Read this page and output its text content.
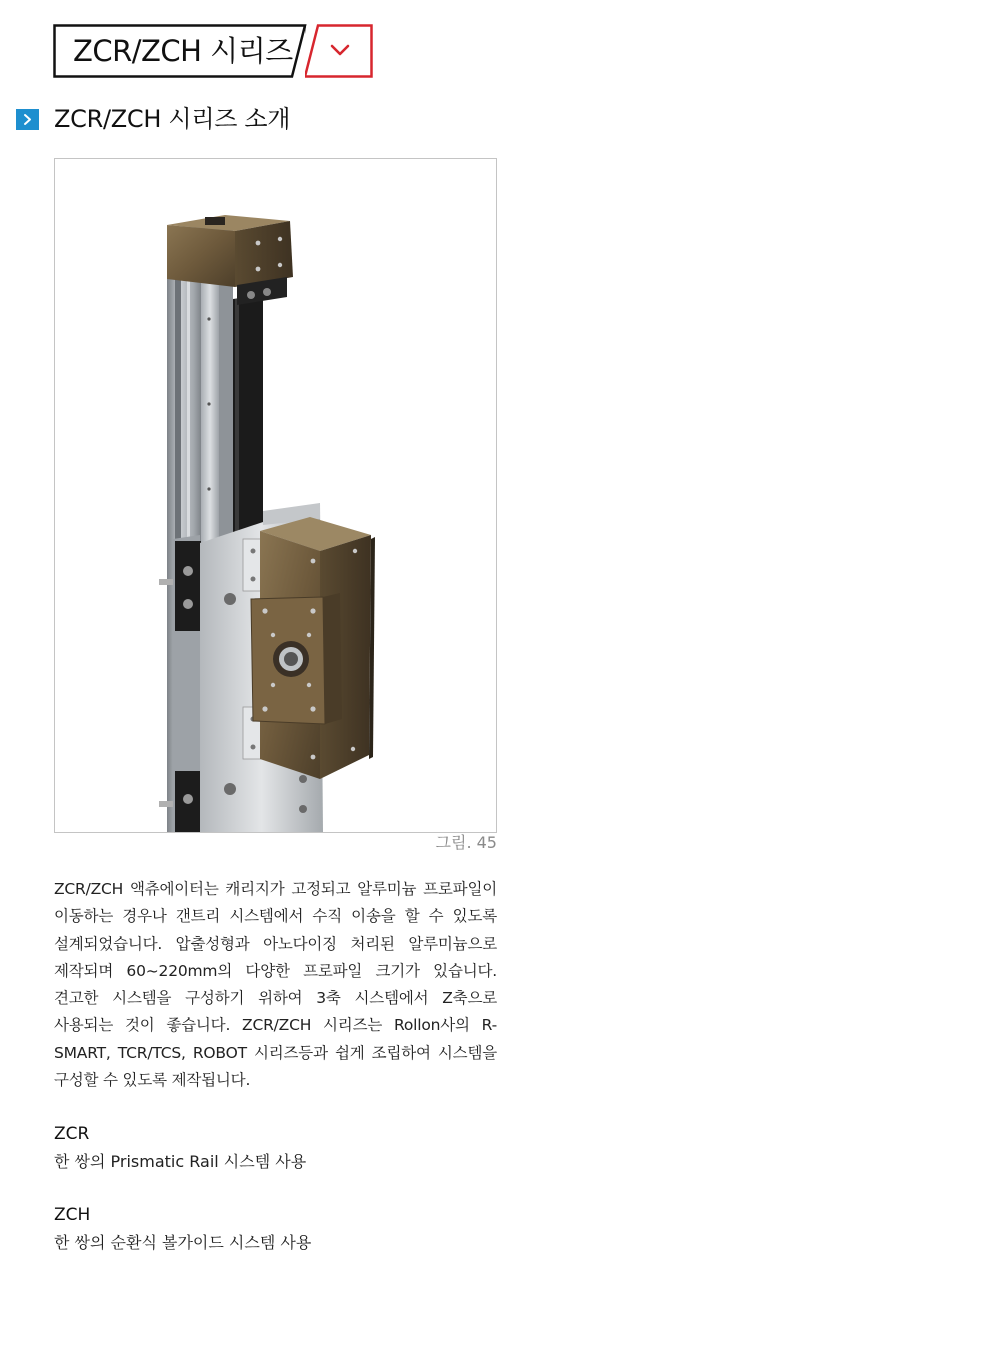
ZCR/ZCH 시리즈
ZCR/ZCH 시리즈 소개
그림. 45
ZCR/ZCH 액츄에이터는 캐리지가 고정되고 알루미늄 프로파일이 이동하는 경우나 갠트리 시스템에서 수직 이송을 할 수 있도록 설계되었습니다. 압출성형과 아노다이징 처리된 알루미늄으로 제작되며 60~220mm의 다양한 프로파일 크기가 있습니다. 견고한 시스템을 구성하기 위하여 3축 시스템에서 Z축으로 사용되는 것이 좋습니다. ZCR/ZCH 시리즈는 Rollon사의 R-SMART, TCR/TCS, ROBOT 시리즈등과 쉽게 조립하여 시스템을 구성할 수 있도록 제작됩니다.
ZCR
한 쌍의 Prismatic Rail 시스템 사용
ZCH
한 쌍의 순환식 볼가이드 시스템 사용
